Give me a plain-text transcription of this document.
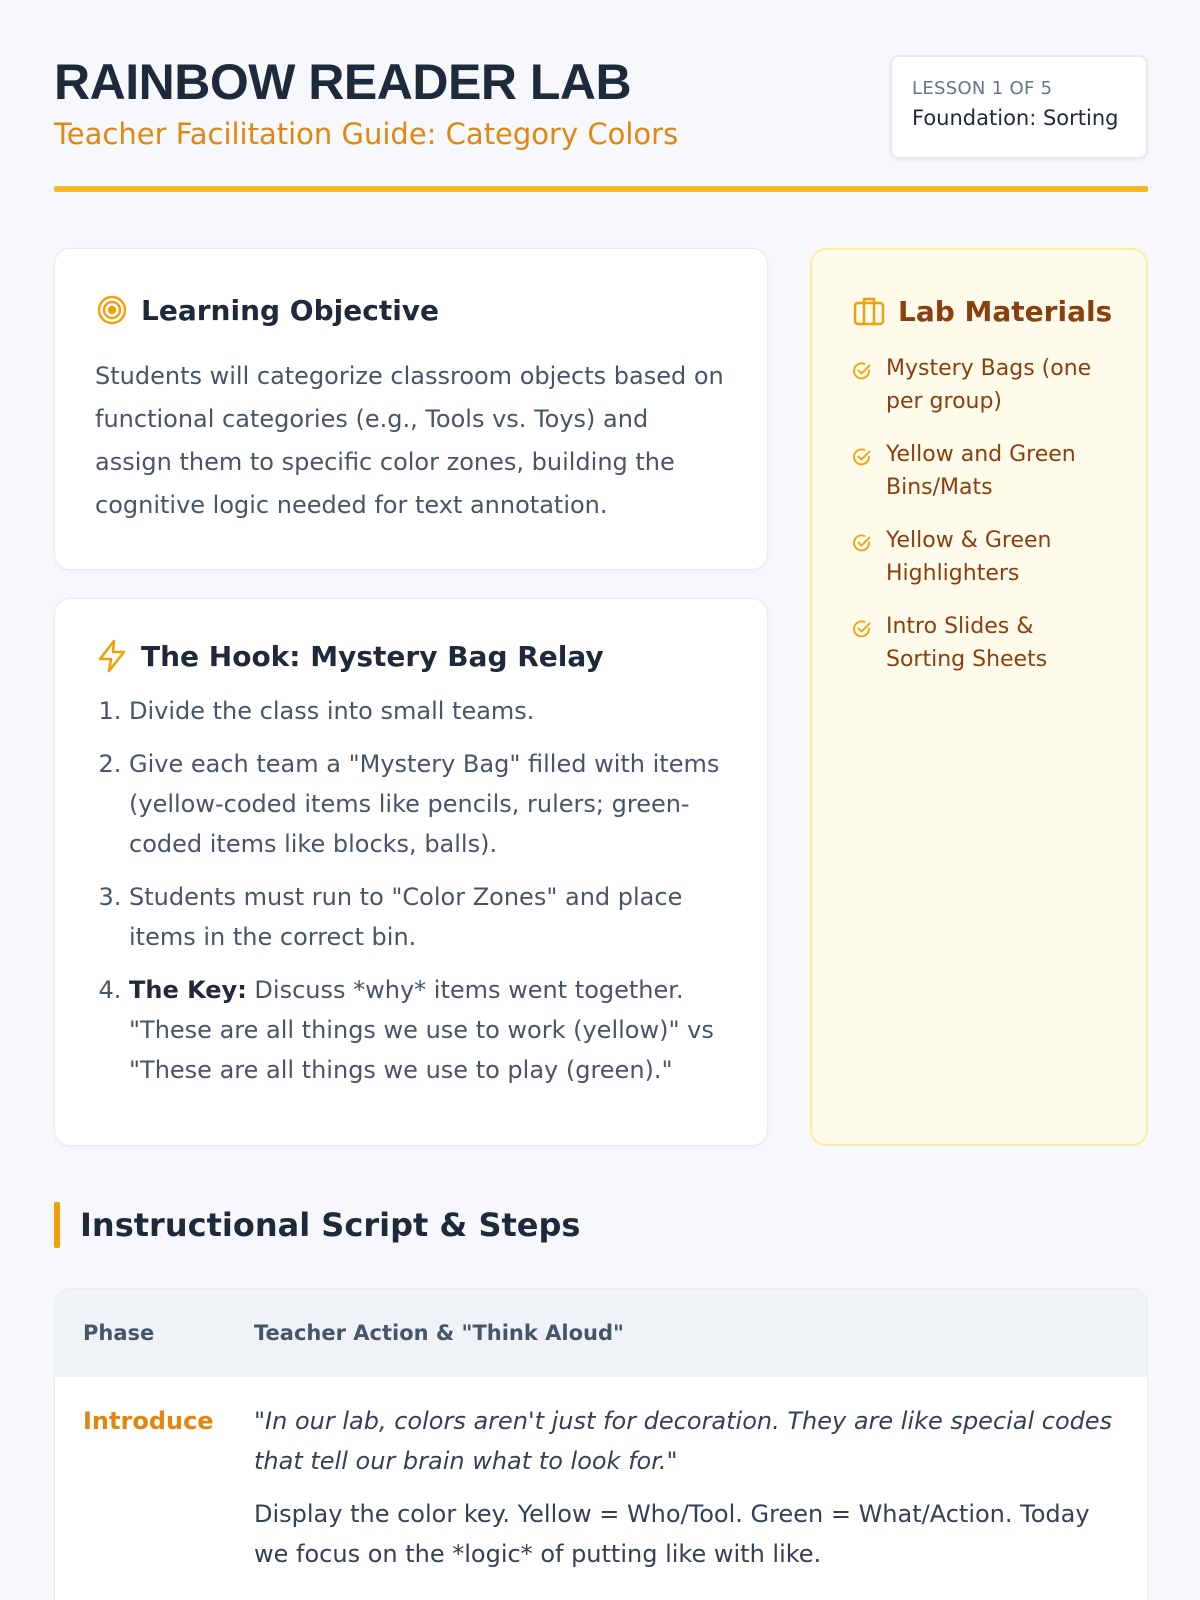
RAINBOW READER LAB
Teacher Facilitation Guide: Category Colors
LESSON 1 OF 5
Foundation: Sorting
Learning Objective

Students will categorize classroom objects based on functional categories (e.g., Tools vs. Toys) and assign them to specific color zones, building the cognitive logic needed for text annotation.

The Hook: Mystery Bag Relay
1. Divide the class into small teams.
2. Give each team a "Mystery Bag" filled with items (yellow-coded items like pencils, rulers; green-coded items like blocks, balls).
3. Students must run to "Color Zones" and place items in the correct bin.
4. The Key: Discuss *why* items went together. "These are all things we use to work (yellow)" vs "These are all things we use to play (green)."
Lab Materials
Mystery Bags (one per group)
Yellow and Green Bins/Mats
Yellow & Green Highlighters
Intro Slides & Sorting Sheets
Instructional Script & Steps
Phase	Teacher Action & "Think Aloud"
Introduce	"In our lab, colors aren't just for decoration. They are like special codes that tell our brain what to look for."
Display the color key. Yellow = Who/Tool. Green = What/Action. Today we focus on the *logic* of putting like with like.
